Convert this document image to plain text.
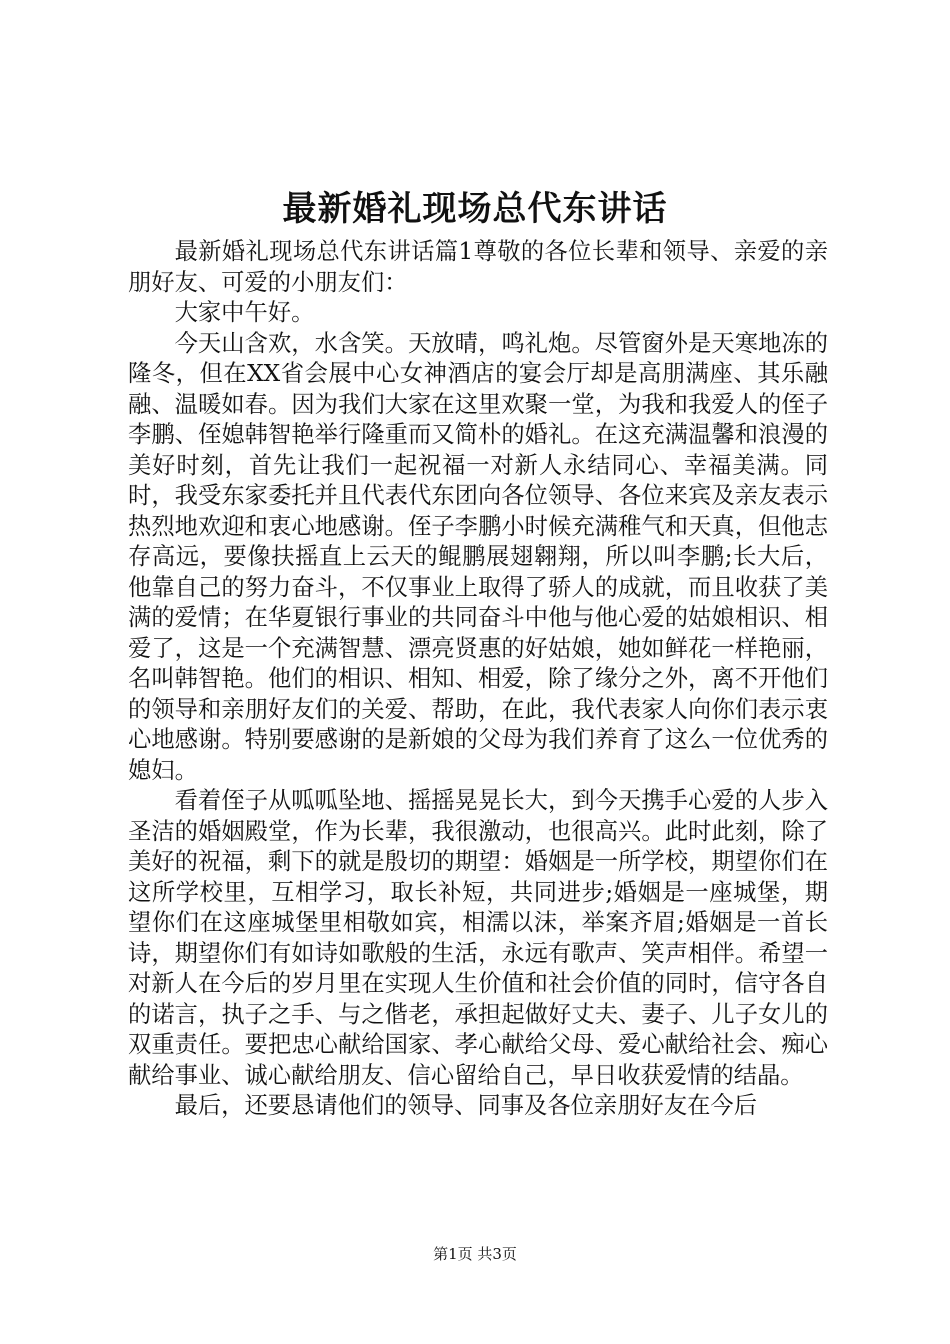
最新婚礼现场总代东讲话

最新婚礼现场总代东讲话篇1尊敬的各位长辈和领导、亲爱的亲朋好友、可爱的小朋友们：

大家中午好。

今天山含欢，水含笑。天放晴，鸣礼炮。尽管窗外是天寒地冻的隆冬，但在XX省会展中心女神酒店的宴会厅却是高朋满座、其乐融融、温暖如春。因为我们大家在这里欢聚一堂，为我和我爱人的侄子李鹏、侄媳韩智艳举行隆重而又简朴的婚礼。在这充满温馨和浪漫的美好时刻，首先让我们一起祝福一对新人永结同心、幸福美满。同时，我受东家委托并且代表代东团向各位领导、各位来宾及亲友表示热烈地欢迎和衷心地感谢。侄子李鹏小时候充满稚气和天真，但他志存高远，要像扶摇直上云天的鲲鹏展翅翱翔，所以叫李鹏;长大后，他靠自己的努力奋斗，不仅事业上取得了骄人的成就，而且收获了美满的爱情；在华夏银行事业的共同奋斗中他与他心爱的姑娘相识、相爱了，这是一个充满智慧、漂亮贤惠的好姑娘，她如鲜花一样艳丽，名叫韩智艳。他们的相识、相知、相爱，除了缘分之外，离不开他们的领导和亲朋好友们的关爱、帮助，在此，我代表家人向你们表示衷心地感谢。特别要感谢的是新娘的父母为我们养育了这么一位优秀的媳妇。

看着侄子从呱呱坠地、摇摇晃晃长大，到今天携手心爱的人步入圣洁的婚姻殿堂，作为长辈，我很激动，也很高兴。此时此刻，除了美好的祝福，剩下的就是殷切的期望：婚姻是一所学校，期望你们在这所学校里，互相学习，取长补短，共同进步;婚姻是一座城堡，期望你们在这座城堡里相敬如宾，相濡以沫，举案齐眉;婚姻是一首长诗，期望你们有如诗如歌般的生活，永远有歌声、笑声相伴。希望一对新人在今后的岁月里在实现人生价值和社会价值的同时，信守各自的诺言，执子之手、与之偕老，承担起做好丈夫、妻子、儿子女儿的双重责任。要把忠心献给国家、孝心献给父母、爱心献给社会、痴心献给事业、诚心献给朋友、信心留给自己，早日收获爱情的结晶。

最后，还要恳请他们的领导、同事及各位亲朋好友在今后

第1页 共3页
